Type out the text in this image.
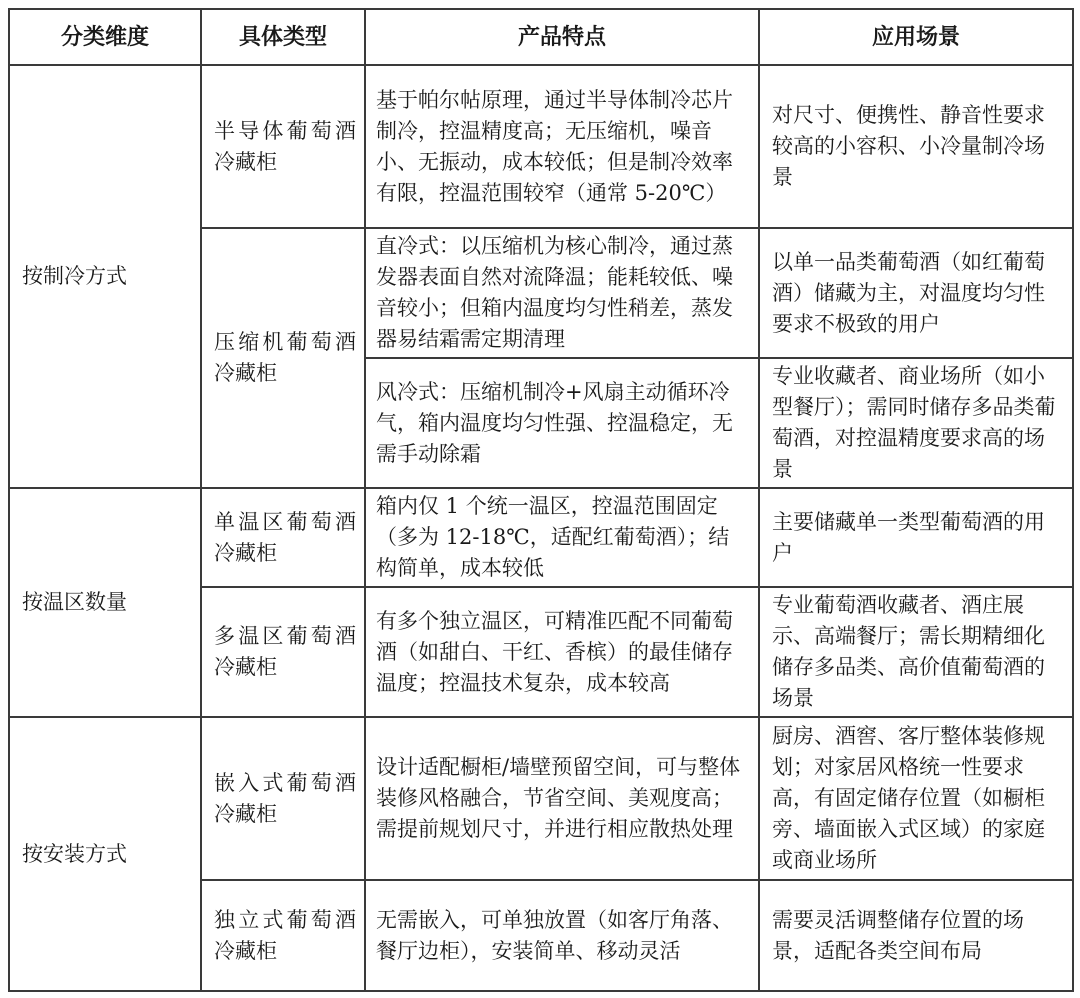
分类维度	具体类型	产品特点	应用场景
按制冷方式	半导体葡萄酒冷藏柜	基于帕尔帖原理，通过半导体制冷芯片制冷，控温精度高；无压缩机，噪音小、无振动，成本较低；但是制冷效率有限，控温范围较窄（通常 5-20℃）	对尺寸、便携性、静音性要求较高的小容积、小冷量制冷场景
	压缩机葡萄酒冷藏柜	直冷式：以压缩机为核心制冷，通过蒸发器表面自然对流降温；能耗较低、噪音较小；但箱内温度均匀性稍差，蒸发器易结霜需定期清理	以单一品类葡萄酒（如红葡萄酒）储藏为主，对温度均匀性要求不极致的用户
		风冷式：压缩机制冷+风扇主动循环冷气，箱内温度均匀性强、控温稳定，无需手动除霜	专业收藏者、商业场所（如小型餐厅）；需同时储存多品类葡萄酒，对控温精度要求高的场景
按温区数量	单温区葡萄酒冷藏柜	箱内仅 1 个统一温区，控温范围固定（多为 12-18℃，适配红葡萄酒）；结构简单，成本较低	主要储藏单一类型葡萄酒的用户
	多温区葡萄酒冷藏柜	有多个独立温区，可精准匹配不同葡萄酒（如甜白、干红、香槟）的最佳储存温度；控温技术复杂，成本较高	专业葡萄酒收藏者、酒庄展示、高端餐厅；需长期精细化储存多品类、高价值葡萄酒的场景
按安装方式	嵌入式葡萄酒冷藏柜	设计适配橱柜/墙壁预留空间，可与整体装修风格融合，节省空间、美观度高；需提前规划尺寸，并进行相应散热处理	厨房、酒窖、客厅整体装修规划；对家居风格统一性要求高，有固定储存位置（如橱柜旁、墙面嵌入式区域）的家庭或商业场所
	独立式葡萄酒冷藏柜	无需嵌入，可单独放置（如客厅角落、餐厅边柜），安装简单、移动灵活	需要灵活调整储存位置的场景，适配各类空间布局
